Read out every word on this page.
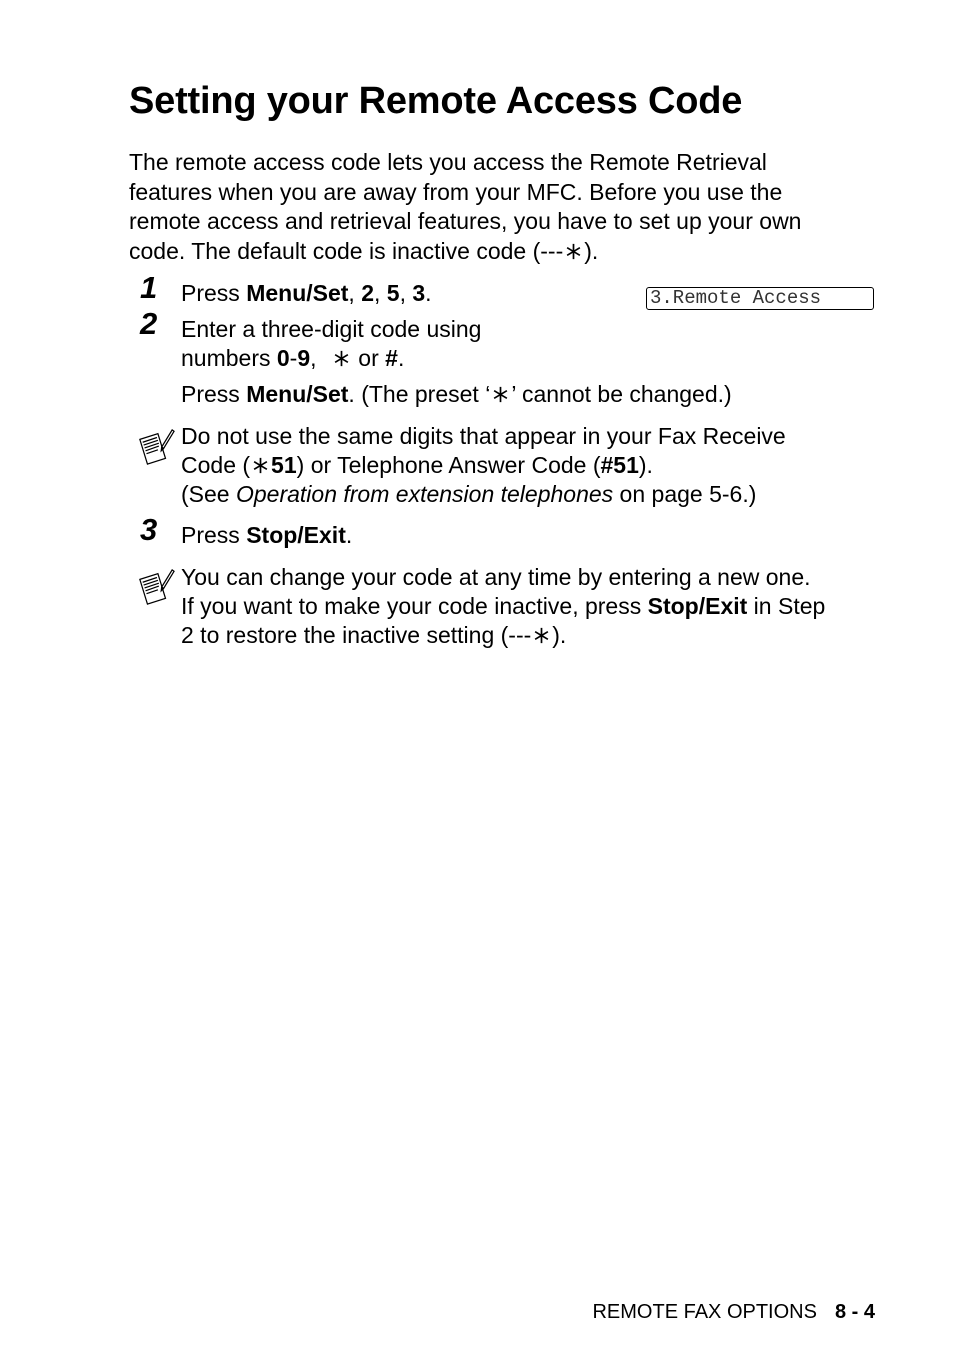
Setting your Remote Access Code
The remote access code lets you access the Remote Retrieval
features when you are away from your MFC. Before you use the
remote access and retrieval features, you have to set up your own
code. The default code is inactive code (--- ).
1 Press Menu/Set, 2, 5, 3.	3.Remote Access
2 Enter a three-digit code using
numbers 0-9,  or #.
Press Menu/Set. (The preset ‘ ’ cannot be changed.)
Do not use the same digits that appear in your Fax Receive
Code ( 51) or Telephone Answer Code (#51).
(See Operation from extension telephones on page 5-6.)
3 Press Stop/Exit.
You can change your code at any time by entering a new one.
If you want to make your code inactive, press Stop/Exit in Step
2 to restore the inactive setting (--- ).
REMOTE FAX OPTIONS 8 - 4
